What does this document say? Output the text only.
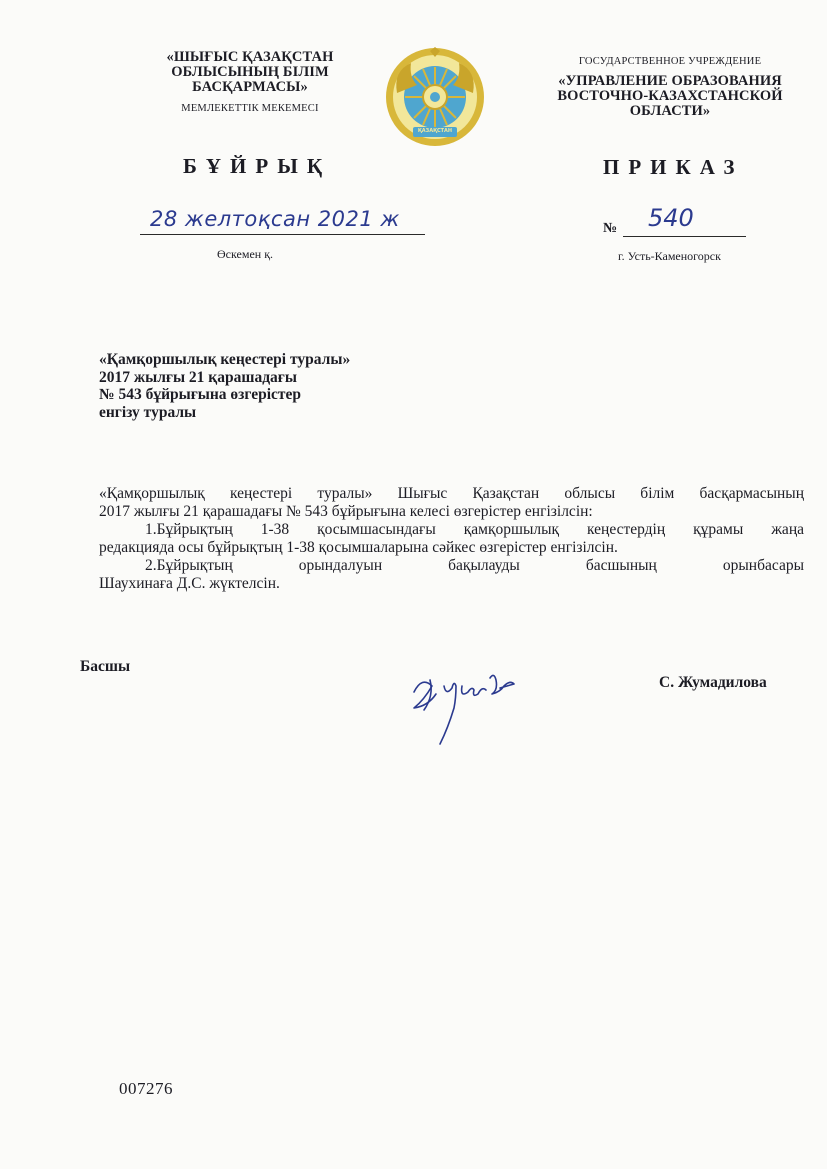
«ШЫҒЫС ҚАЗАҚСТАН
ОБЛЫСЫНЫҢ БІЛІМ
БАСҚАРМАСЫ»
МЕМЛЕКЕТТІК МЕКЕМЕСІ
ҚАЗАҚСТАН
ГОСУДАРСТВЕННОЕ УЧРЕЖДЕНИЕ
«УПРАВЛЕНИЕ ОБРАЗОВАНИЯ
ВОСТОЧНО-КАЗАХСТАНСКОЙ
ОБЛАСТИ»
БҰЙРЫҚ	ПРИКАЗ
28 желтоқсан 2021 ж
Өскемен қ.
№ 540
г. Усть-Каменогорск
«Қамқоршылық кеңестері туралы»
2017 жылғы 21 қарашадағы
№ 543 бұйрығына өзгерістер
енгізу туралы
«Қамқоршылық кеңестері туралы» Шығыс Қазақстан облысы білім басқармасының
2017 жылғы 21 қарашадағы № 543 бұйрығына келесі өзгерістер енгізілсін:
1.Бұйрықтың 1-38 қосымшасындағы қамқоршылық кеңестердің құрамы жаңа
редакцияда осы бұйрықтың 1-38 қосымшаларына сәйкес өзгерістер енгізілсін.
2.Бұйрықтың орындалуын бақылауды басшының орынбасары
Шаухинаға Д.С. жүктелсін.
Басшы
С. Жумадилова
007276
